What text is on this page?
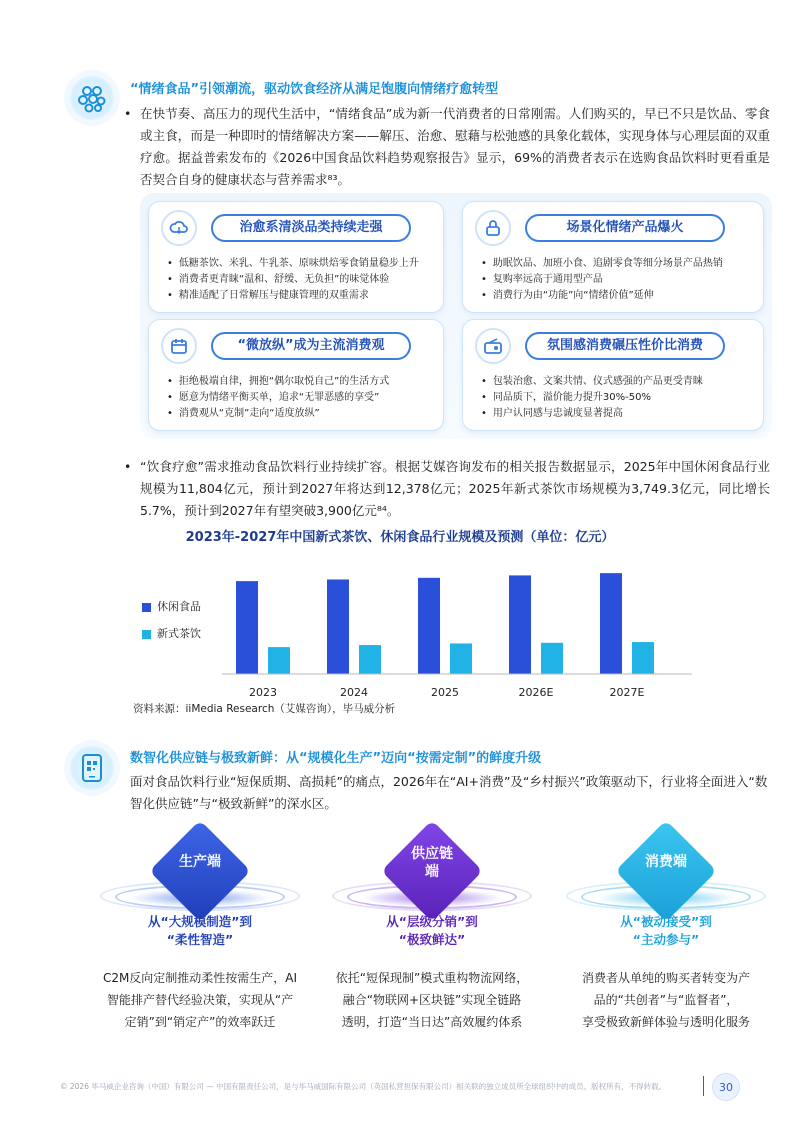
“情绪食品”引领潮流，驱动饮食经济从满足饱腹向情绪疗愈转型
• 在快节奏、高压力的现代生活中，“情绪食品”成为新一代消费者的日常刚需。人们购买的，早已不只是饮品、零食或主食，而是一种即时的情绪解决方案——解压、治愈、慰藉与松弛感的具象化载体，实现身体与心理层面的双重疗愈。据益普索发布的《2026中国食品饮料趋势观察报告》显示，69%的消费者表示在选购食品饮料时更看重是否契合自身的健康状态与营养需求⁸³。
治愈系清淡品类持续走强
• 低糖茶饮、米乳、牛乳茶、原味烘焙零食销量稳步上升
• 消费者更青睐“温和、舒缓、无负担”的味觉体验
• 精准适配了日常解压与健康管理的双重需求
场景化情绪产品爆火
• 助眠饮品、加班小食、追剧零食等细分场景产品热销
• 复购率远高于通用型产品
• 消费行为由“功能”向“情绪价值”延伸
“微放纵”成为主流消费观
• 拒绝极端自律，拥抱“偶尔取悦自己”的生活方式
• 愿意为情绪平衡买单，追求“无罪恶感的享受”
• 消费观从“克制”走向“适度放纵”
氛围感消费碾压性价比消费
• 包装治愈、文案共情、仪式感强的产品更受青睐
• 同品质下，溢价能力提升30%-50%
• 用户认同感与忠诚度显著提高
• “饮食疗愈”需求推动食品饮料行业持续扩容。根据艾媒咨询发布的相关报告数据显示，2025年中国休闲食品行业规模为11,804亿元，预计到2027年将达到12,378亿元；2025年新式茶饮市场规模为3,749.3亿元，同比增长5.7%，预计到2027年有望突破3,900亿元⁸⁴。
2023年-2027年中国新式茶饮、休闲食品行业规模及预测（单位：亿元）
休闲食品
新式茶饮
2023	2024	2025	2026E	2027E
资料来源：iiMedia Research（艾媒咨询），毕马威分析
数智化供应链与极致新鲜：从“规模化生产”迈向“按需定制”的鲜度升级
面对食品饮料行业“短保质期、高损耗”的痛点，2026年在“AI+消费”及“乡村振兴”政策驱动下，行业将全面进入“数智化供应链”与“极致新鲜”的深水区。
生产端
从“大规模制造”到
“柔性智造”
C2M反向定制推动柔性按需生产，AI
智能排产替代经验决策，实现从“产
定销”到“销定产”的效率跃迁
供应链端
从“层级分销”到
“极致鲜达”
依托“短保现制”模式重构物流网络，
融合“物联网+区块链”实现全链路
透明，打造“当日达”高效履约体系
消费端
从“被动接受”到
“主动参与”
消费者从单纯的购买者转变为产
品的“共创者”与“监督者”，
享受极致新鲜体验与透明化服务
© 2026 毕马威企业咨询（中国）有限公司 — 中国有限责任公司，是与毕马威国际有限公司（英国私营担保有限公司）相关联的独立成员所全球组织中的成员。版权所有，不得转载。	30
